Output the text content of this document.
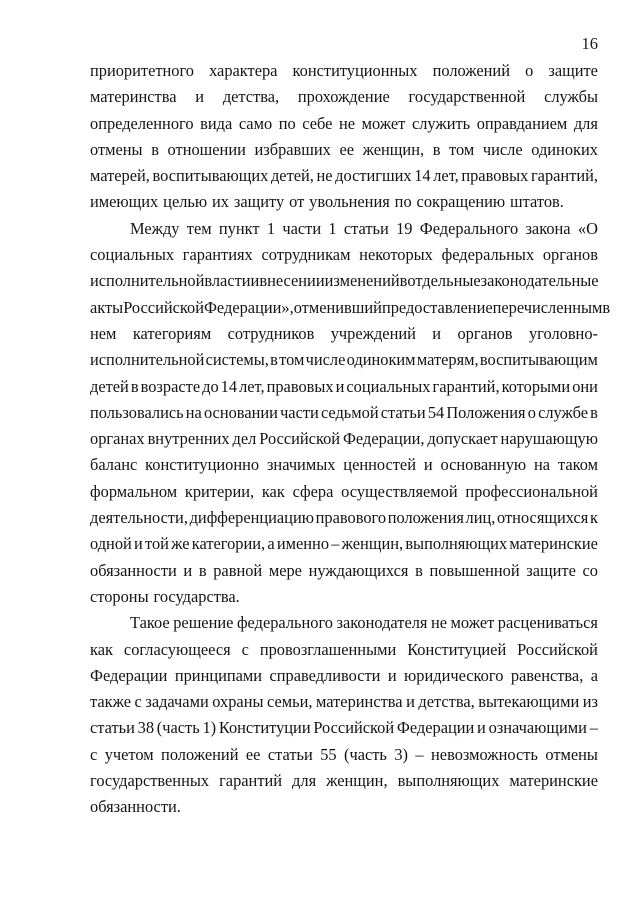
16
приоритетного характера конституционных положений о защите
материнства и детства, прохождение государственной службы
определенного вида само по себе не может служить оправданием для
отмены в отношении избравших ее женщин, в том числе одиноких
матерей, воспитывающих детей, не достигших 14 лет, правовых гарантий,
имеющих целью их защиту от увольнения по сокращению штатов.
Между тем пункт 1 части 1 статьи 19 Федерального закона «О
социальных гарантиях сотрудникам некоторых федеральных органов
исполнительной власти и внесении изменений в отдельные законодательные
акты Российской Федерации», отменивший предоставление перечисленным в
нем категориям сотрудников учреждений и органов уголовно-
исполнительной системы, в том числе одиноким матерям, воспитывающим
детей в возрасте до 14 лет, правовых и социальных гарантий, которыми они
пользовались на основании части седьмой статьи 54 Положения о службе в
органах внутренних дел Российской Федерации, допускает нарушающую
баланс конституционно значимых ценностей и основанную на таком
формальном критерии, как сфера осуществляемой профессиональной
деятельности, дифференциацию правового положения лиц, относящихся к
одной и той же категории, а именно – женщин, выполняющих материнские
обязанности и в равной мере нуждающихся в повышенной защите со
стороны государства.
Такое решение федерального законодателя не может расцениваться
как согласующееся с провозглашенными Конституцией Российской
Федерации принципами справедливости и юридического равенства, а
также с задачами охраны семьи, материнства и детства, вытекающими из
статьи 38 (часть 1) Конституции Российской Федерации и означающими –
с учетом положений ее статьи 55 (часть 3) – невозможность отмены
государственных гарантий для женщин, выполняющих материнские
обязанности.
